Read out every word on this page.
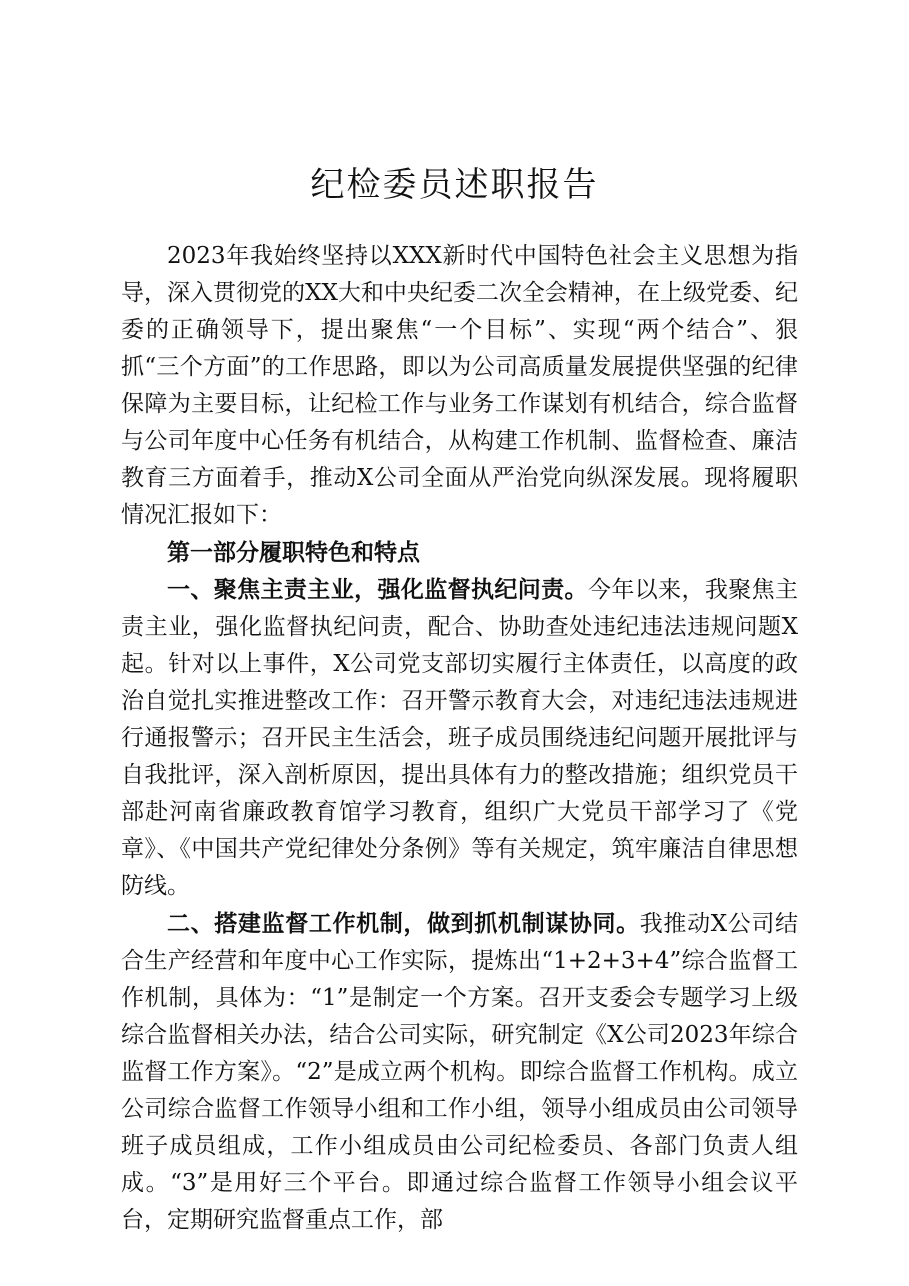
纪检委员述职报告

2023年我始终坚持以XXX新时代中国特色社会主义思想为指导，深入贯彻党的XX大和中央纪委二次全会精神，在上级党委、纪委的正确领导下，提出聚焦“一个目标”、实现“两个结合”、狠抓“三个方面”的工作思路，即以为公司高质量发展提供坚强的纪律保障为主要目标，让纪检工作与业务工作谋划有机结合，综合监督与公司年度中心任务有机结合，从构建工作机制、监督检查、廉洁教育三方面着手，推动X公司全面从严治党向纵深发展。现将履职情况汇报如下：

第一部分履职特色和特点

一、聚焦主责主业，强化监督执纪问责。今年以来，我聚焦主责主业，强化监督执纪问责，配合、协助查处违纪违法违规问题X起。针对以上事件，X公司党支部切实履行主体责任，以高度的政治自觉扎实推进整改工作：召开警示教育大会，对违纪违法违规进行通报警示；召开民主生活会，班子成员围绕违纪问题开展批评与自我批评，深入剖析原因，提出具体有力的整改措施；组织党员干部赴河南省廉政教育馆学习教育，组织广大党员干部学习了《党章》、《中国共产党纪律处分条例》等有关规定，筑牢廉洁自律思想防线。

二、搭建监督工作机制，做到抓机制谋协同。我推动X公司结合生产经营和年度中心工作实际，提炼出“1+2+3+4”综合监督工作机制，具体为：“1”是制定一个方案。召开支委会专题学习上级综合监督相关办法，结合公司实际，研究制定《X公司2023年综合监督工作方案》。“2”是成立两个机构。即综合监督工作机构。成立公司综合监督工作领导小组和工作小组，领导小组成员由公司领导班子成员组成，工作小组成员由公司纪检委员、各部门负责人组成。“3”是用好三个平台。即通过综合监督工作领导小组会议平台，定期研究监督重点工作，部
